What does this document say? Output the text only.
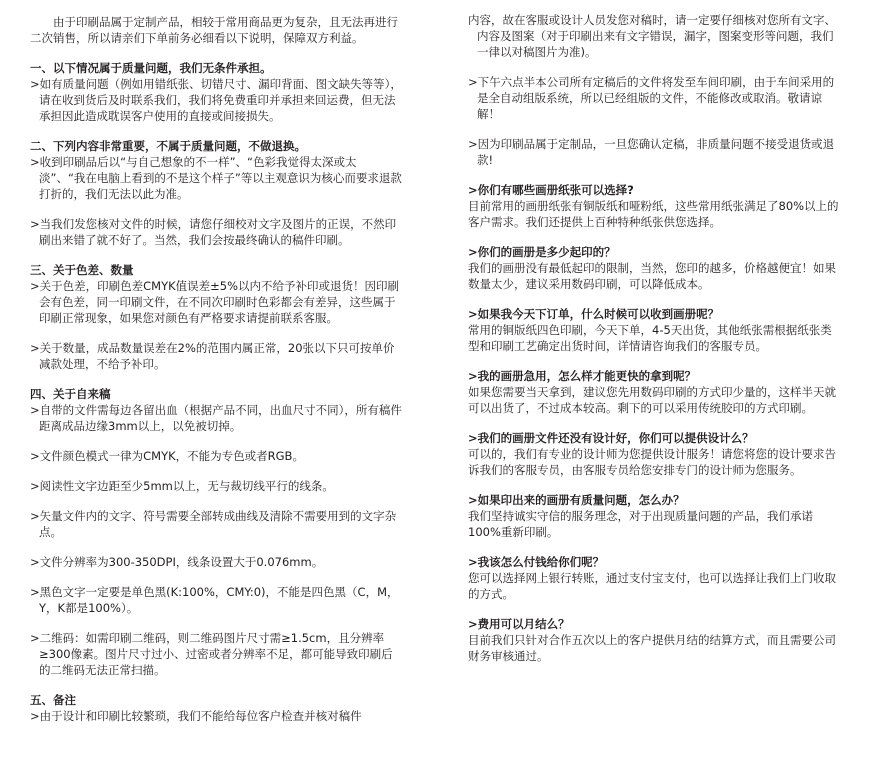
由于印刷品属于定制产品，相较于常用商品更为复杂，且无法再进行二次销售，所以请亲们下单前务必细看以下说明，保障双方利益。

一、以下情况属于质量问题，我们无条件承担。

>如有质量问题（例如用错纸张、切错尺寸、漏印背面、图文缺失等等），请在收到货后及时联系我们，我们将免费重印并承担来回运费，但无法承担因此造成耽误客户使用的直接或间接损失。

二、下列内容非常重要，不属于质量问题，不做退换。

>收到印刷品后以“与自己想象的不一样”、“色彩我觉得太深或太淡”、“我在电脑上看到的不是这个样子”等以主观意识为核心而要求退款打折的，我们无法以此为准。

>当我们发您核对文件的时候，请您仔细校对文字及图片的正误，不然印刷出来错了就不好了。当然，我们会按最终确认的稿件印刷。

三、关于色差、数量

>关于色差，印刷色差CMYK值误差±5%以内不给予补印或退货！因印刷会有色差，同一印刷文件，在不同次印刷时色彩都会有差异，这些属于印刷正常现象，如果您对颜色有严格要求请提前联系客服。

>关于数量，成品数量误差在2%的范围内属正常，20张以下只可按单价减款处理，不给予补印。

四、关于自来稿

>自带的文件需每边各留出血（根据产品不同，出血尺寸不同），所有稿件距离成品边缘3mm以上，以免被切掉。

>文件颜色模式一律为CMYK，不能为专色或者RGB。

>阅读性文字边距至少5mm以上，无与裁切线平行的线条。

>矢量文件内的文字、符号需要全部转成曲线及清除不需要用到的文字杂点。

>文件分辨率为300-350DPI，线条设置大于0.076mm。

>黑色文字一定要是单色黑(K:100%，CMY:0)，不能是四色黑（C，M，Y，K都是100%）。

>二维码：如需印刷二维码，则二维码图片尺寸需≥1.5cm，且分辨率≥300像素。图片尺寸过小、过密或者分辨率不足，都可能导致印刷后的二维码无法正常扫描。

五、备注

>由于设计和印刷比较繁琐，我们不能给每位客户检查并核对稿件

内容，故在客服或设计人员发您对稿时，请一定要仔细核对您所有文字、内容及图案（对于印刷出来有文字错误，漏字，图案变形等问题，我们一律以对稿图片为准)。

>下午六点半本公司所有定稿后的文件将发至车间印刷，由于车间采用的是全自动组版系统，所以已经组版的文件，不能修改或取消。敬请谅解！

>因为印刷品属于定制品，一旦您确认定稿，非质量问题不接受退货或退款!

>你们有哪些画册纸张可以选择?

目前常用的画册纸张有铜版纸和哑粉纸，这些常用纸张满足了80%以上的客户需求。我们还提供上百种特种纸张供您选择。

>你们的画册是多少起印的？

我们的画册没有最低起印的限制，当然，您印的越多，价格越便宜！如果数量太少，建议采用数码印刷，可以降低成本。

>如果我今天下订单，什么时候可以收到画册呢？

常用的铜版纸四色印刷，今天下单，4-5天出货，其他纸张需根据纸张类型和印刷工艺确定出货时间，详情请咨询我们的客服专员。

>我的画册急用，怎么样才能更快的拿到呢？

如果您需要当天拿到，建议您先用数码印刷的方式印少量的，这样半天就可以出货了，不过成本较高。剩下的可以采用传统胶印的方式印刷。

>我们的画册文件还没有设计好，你们可以提供设计么？

可以的，我们有专业的设计师为您提供设计服务！请您将您的设计要求告诉我们的客服专员，由客服专员给您安排专门的设计师为您服务。

>如果印出来的画册有质量问题，怎么办？

我们坚持诚实守信的服务理念，对于出现质量问题的产品，我们承诺100%重新印刷。

>我该怎么付钱给你们呢？

您可以选择网上银行转账，通过支付宝支付，也可以选择让我们上门收取的方式。

>费用可以月结么？

目前我们只针对合作五次以上的客户提供月结的结算方式，而且需要公司财务审核通过。
